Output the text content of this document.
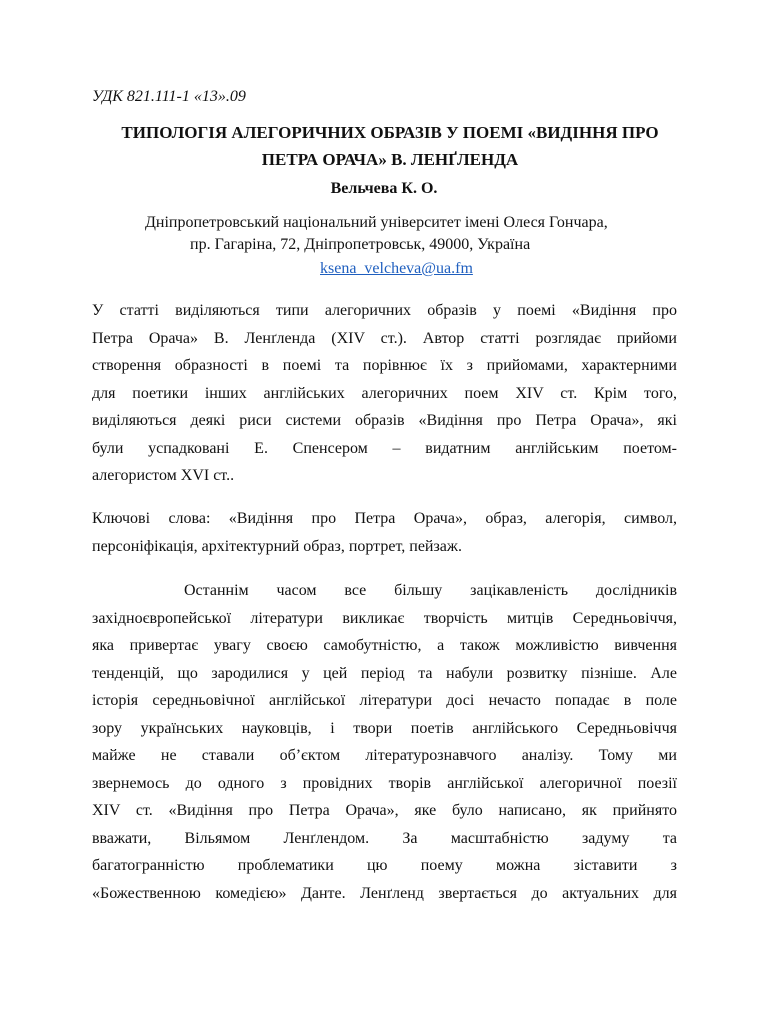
УДК 821.111-1 «13».09
ТИПОЛОГІЯ АЛЕГОРИЧНИХ ОБРАЗІВ У ПОЕМІ «ВИДІННЯ ПРО
ПЕТРА ОРАЧА» В. ЛЕНҐЛЕНДА
Вельчева К. О.
Дніпропетровський національний університет імені Олеся Гончара,
пр. Гагаріна, 72, Дніпропетровськ, 49000, Україна
ksena_velcheva@ua.fm
У статті виділяються типи алегоричних образів у поемі «Видіння про
Петра Орача» В. Ленґленда (XIV ст.). Автор статті розглядає прийоми
створення образності в поемі та порівнює їх з прийомами, характерними
для поетики інших англійських алегоричних поем XIV ст. Крім того,
виділяються деякі риси системи образів «Видіння про Петра Орача», які
були успадковані Е. Спенсером – видатним англійським поетом-
алегористом XVI ст..
Ключові слова: «Видіння про Петра Орача», образ, алегорія, символ,
персоніфікація, архітектурний образ, портрет, пейзаж.
Останнім часом все більшу зацікавленість дослідників
західноєвропейської літератури викликає творчість митців Середньовіччя,
яка привертає увагу своєю самобутністю, а також можливістю вивчення
тенденцій, що зародилися у цей період та набули розвитку пізніше. Але
історія середньовічної англійської літератури досі нечасто попадає в поле
зору українських науковців, і твори поетів англійського Середньовіччя
майже не ставали об’єктом літературознавчого аналізу. Тому ми
звернемось до одного з провідних творів англійської алегоричної поезії
XIV ст. «Видіння про Петра Орача», яке було написано, як прийнято
вважати, Вільямом Ленґлендом. За масштабністю задуму та
багатогранністю проблематики цю поему можна зіставити з
«Божественною комедією» Данте. Ленґленд звертається до актуальних для
